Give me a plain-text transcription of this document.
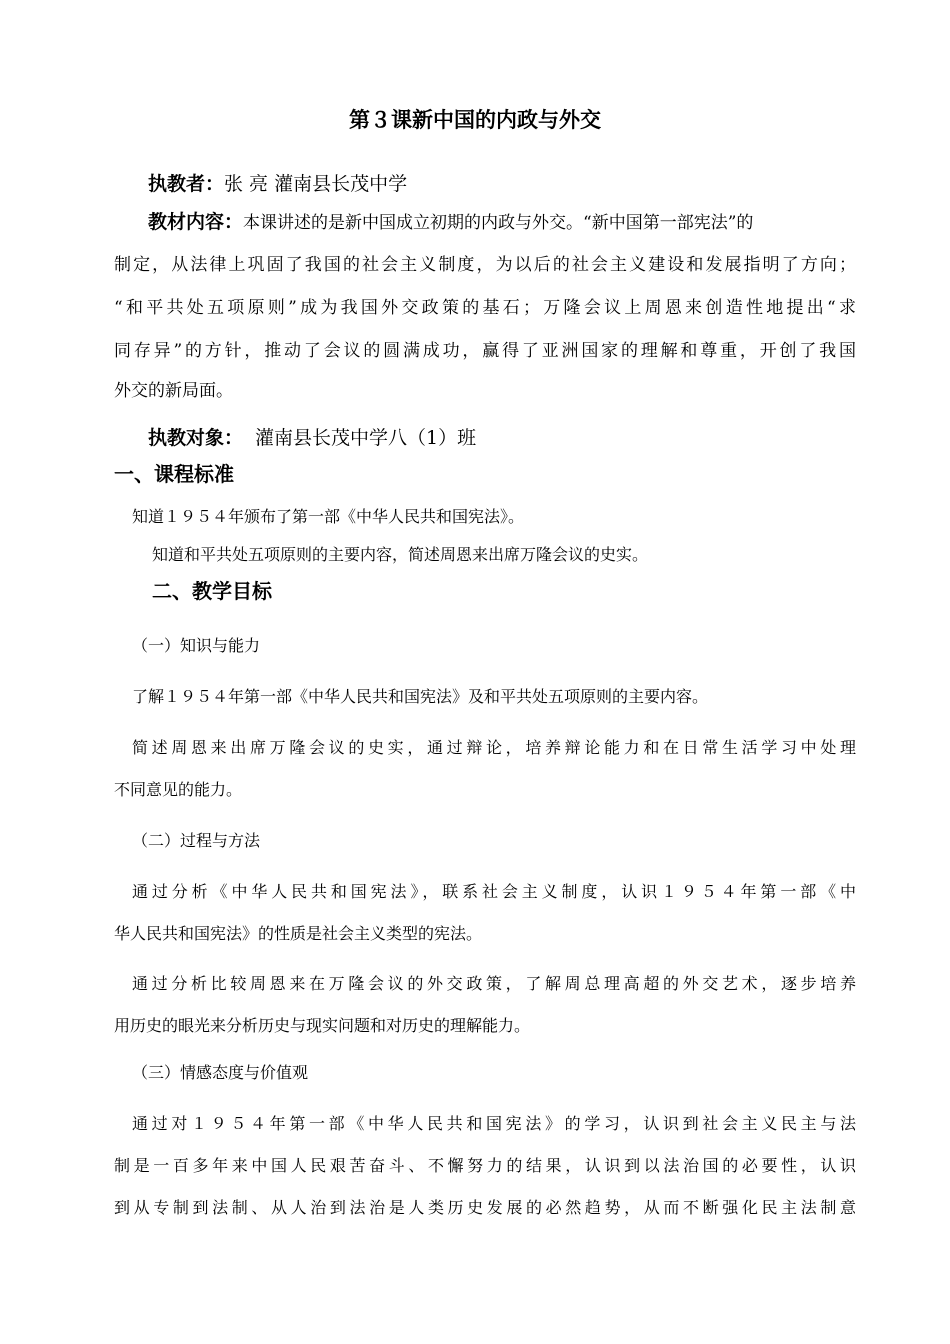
第３课新中国的内政与外交
执教者：张 亮 灌南县长茂中学
教材内容：本课讲述的是新中国成立初期的内政与外交。“新中国第一部宪法”的
制定，从法律上巩固了我国的社会主义制度，为以后的社会主义建设和发展指明了方向；
“和平共处五项原则”成为我国外交政策的基石；万隆会议上周恩来创造性地提出“求
同存异”的方针，推动了会议的圆满成功，赢得了亚洲国家的理解和尊重，开创了我国
外交的新局面。
执教对象： 灌南县长茂中学八（1）班
一、课程标准
知道１９５４年颁布了第一部《中华人民共和国宪法》。
知道和平共处五项原则的主要内容，简述周恩来出席万隆会议的史实。
二、教学目标
（一）知识与能力
了解１９５４年第一部《中华人民共和国宪法》及和平共处五项原则的主要内容。
简述周恩来出席万隆会议的史实，通过辩论，培养辩论能力和在日常生活学习中处理
不同意见的能力。
（二）过程与方法
通过分析《中华人民共和国宪法》，联系社会主义制度，认识１９５４年第一部《中
华人民共和国宪法》的性质是社会主义类型的宪法。
通过分析比较周恩来在万隆会议的外交政策，了解周总理高超的外交艺术，逐步培养
用历史的眼光来分析历史与现实问题和对历史的理解能力。
（三）情感态度与价值观
通过对１９５４年第一部《中华人民共和国宪法》的学习，认识到社会主义民主与法
制是一百多年来中国人民艰苦奋斗、不懈努力的结果，认识到以法治国的必要性，认识
到从专制到法制、从人治到法治是人类历史发展的必然趋势，从而不断强化民主法制意
